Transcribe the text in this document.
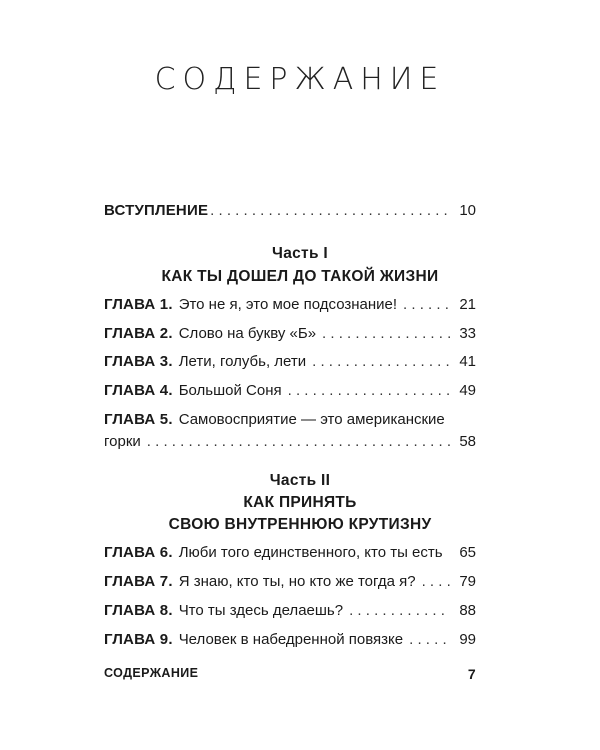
СОДЕРЖАНИЕ
ВСТУПЛЕНИЕ . . .	10
ГЛАВА 1. Это не я, это мое подсознание! . . .	21
ГЛАВА 2. Слово на букву «Б» . . .	33
ГЛАВА 3. Лети, голубь, лети . . .	41
ГЛАВА 4. Большой Соня . . .	49
ГЛАВА 5. Самовосприятие — это американские
горки . . .	58
ГЛАВА 6. Люби того единственного, кто ты есть . . .	65
ГЛАВА 7. Я знаю, кто ты, но кто же тогда я? . . .	79
ГЛАВА 8. Что ты здесь делаешь? . . .	88
ГЛАВА 9. Человек в набедренной повязке . . .	99
Часть I
КАК ТЫ ДОШЕЛ ДО ТАКОЙ ЖИЗНИ
Часть II
КАК ПРИНЯТЬ
СВОЮ ВНУТРЕННЮЮ КРУТИЗНУ
СОДЕРЖАНИЕ	7
